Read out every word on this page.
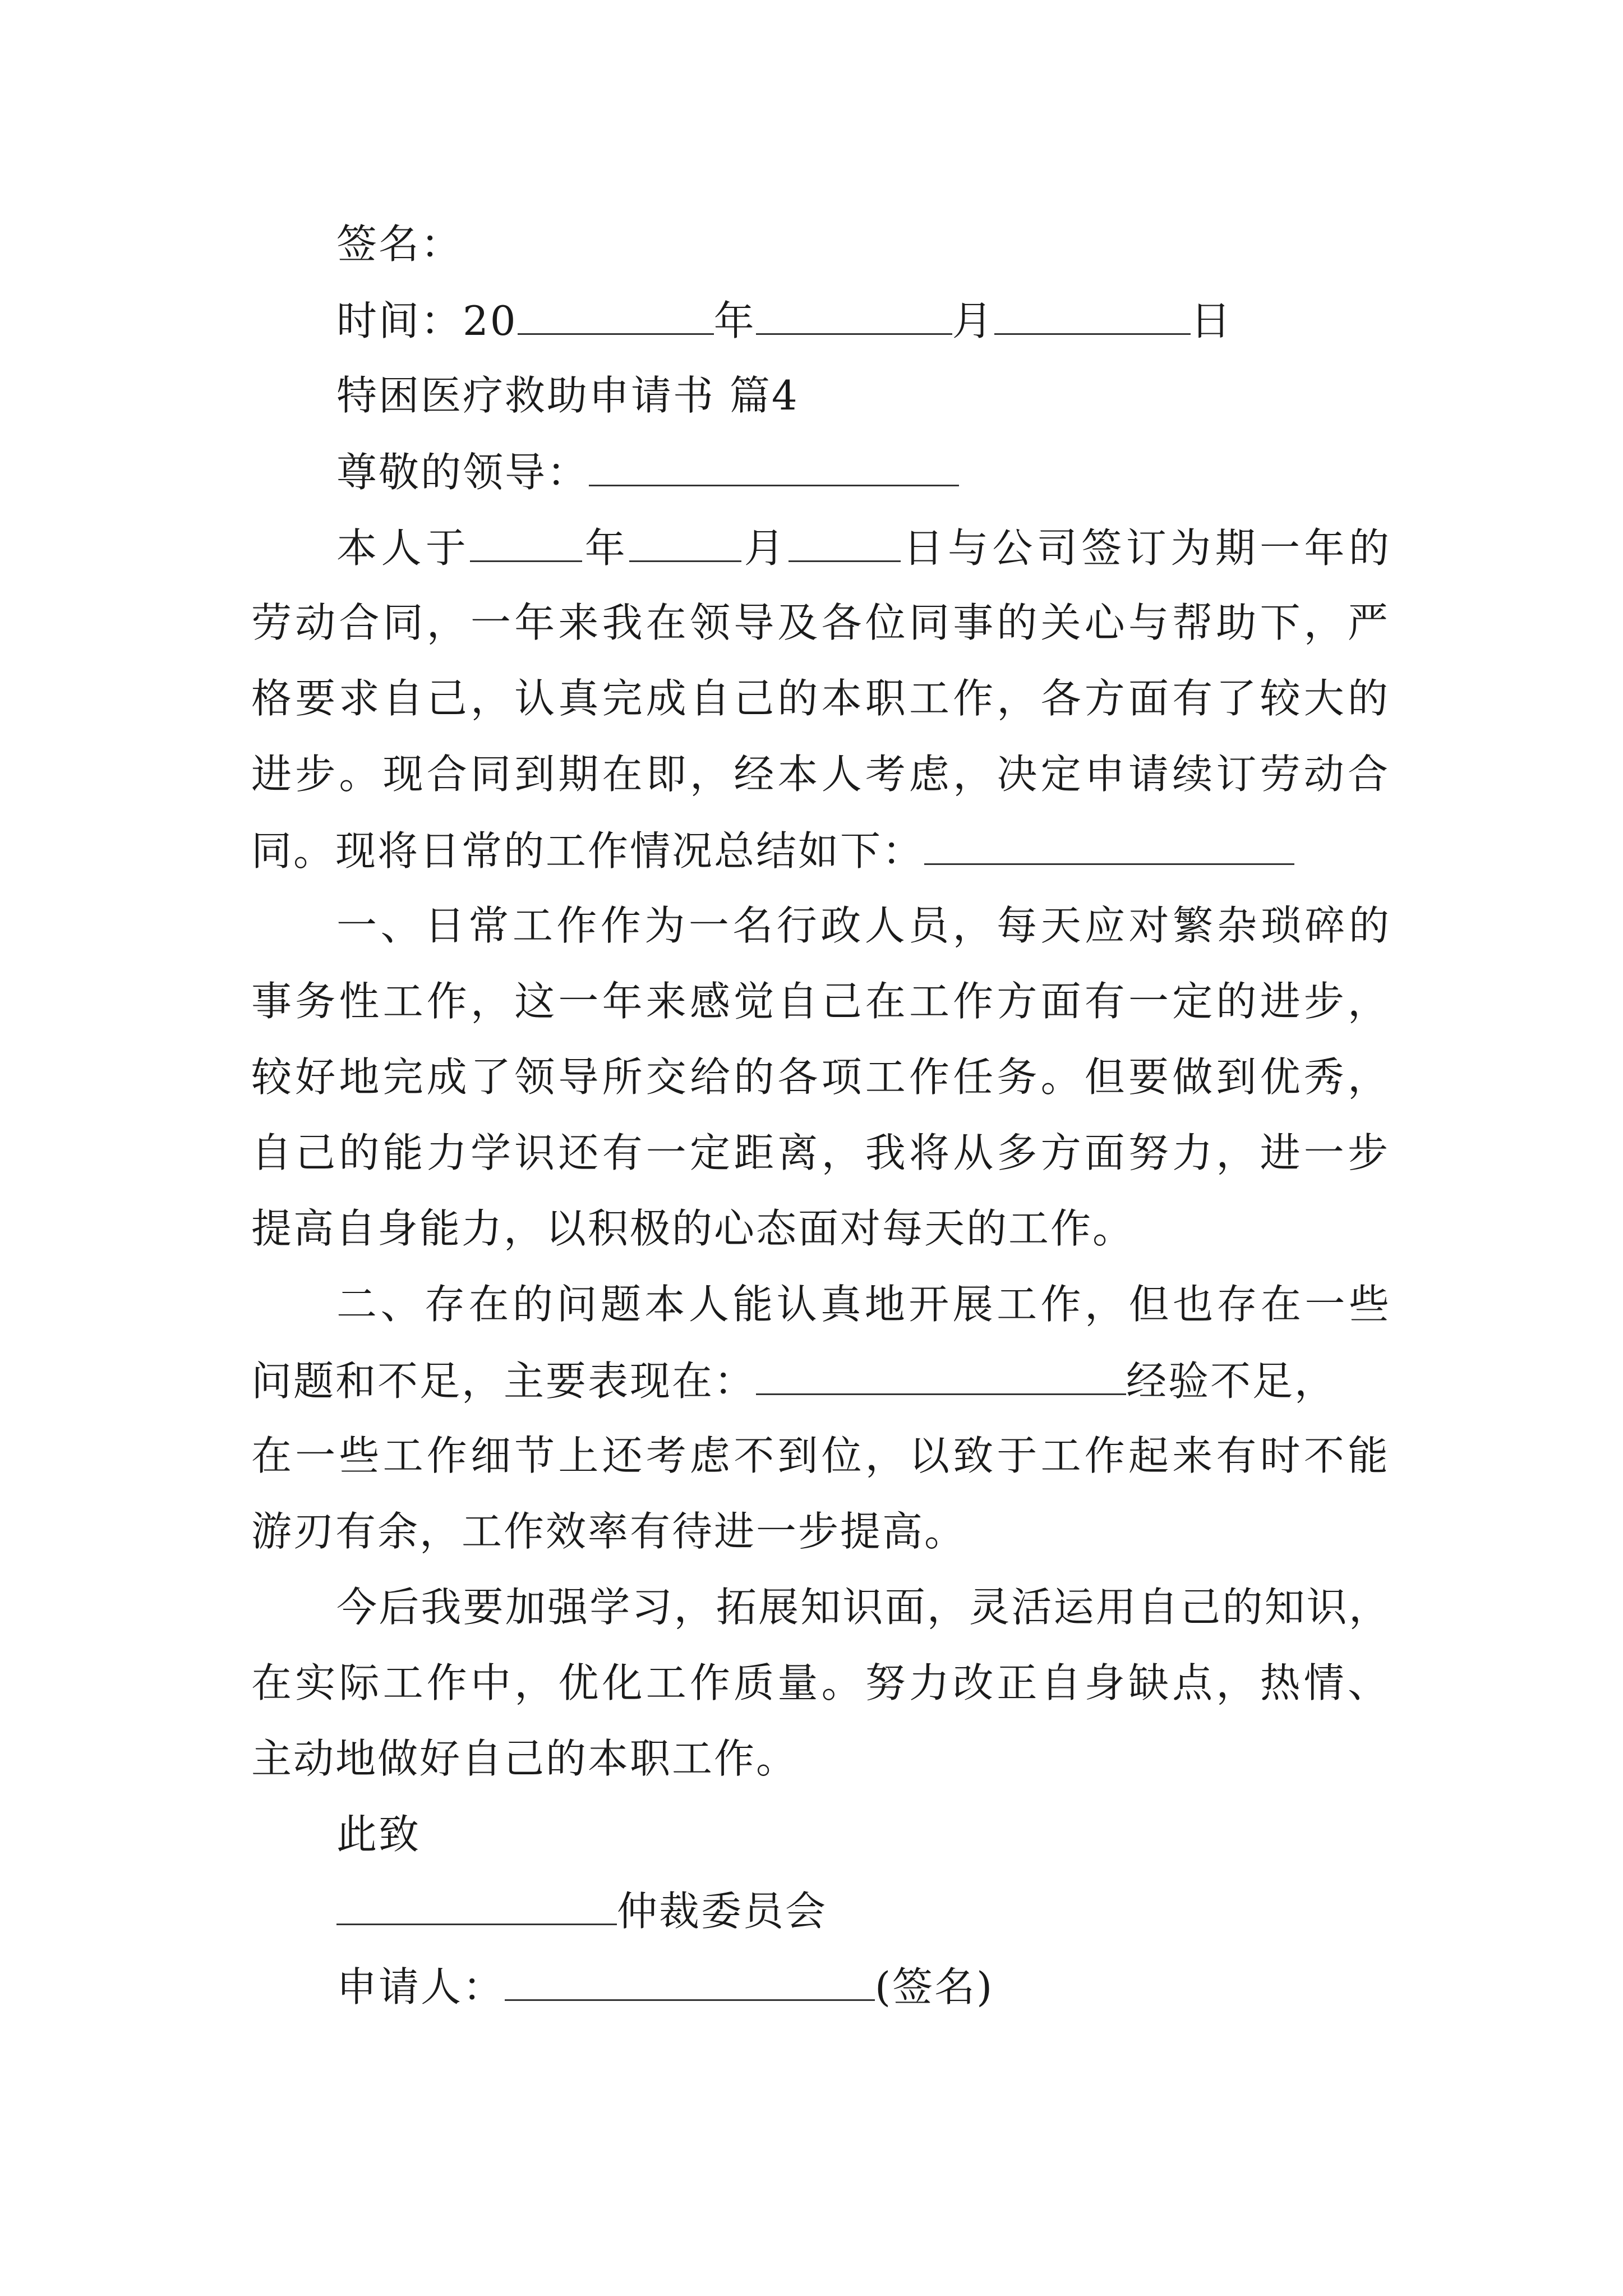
签名：
时间：20	年	月	日
特困医疗救助申请书 篇4
尊敬的领导：
本人于	年	月	日与公司签订为期一年的
劳动合同，一年来我在领导及各位同事的关心与帮助下，严
格要求自己，认真完成自己的本职工作，各方面有了较大的
进步。现合同到期在即，经本人考虑，决定申请续订劳动合
同。现将日常的工作情况总结如下：
一、日常工作作为一名行政人员，每天应对繁杂琐碎的
事务性工作，这一年来感觉自己在工作方面有一定的进步，
较好地完成了领导所交给的各项工作任务。但要做到优秀，
自己的能力学识还有一定距离，我将从多方面努力，进一步
提高自身能力，以积极的心态面对每天的工作。
二、存在的问题本人能认真地开展工作，但也存在一些
问题和不足，主要表现在：	经验不足，
在一些工作细节上还考虑不到位，以致于工作起来有时不能
游刃有余，工作效率有待进一步提高。
今后我要加强学习，拓展知识面，灵活运用自己的知识，
在实际工作中，优化工作质量。努力改正自身缺点，热情、
主动地做好自己的本职工作。
此致
仲裁委员会
申请人：	(签名)
